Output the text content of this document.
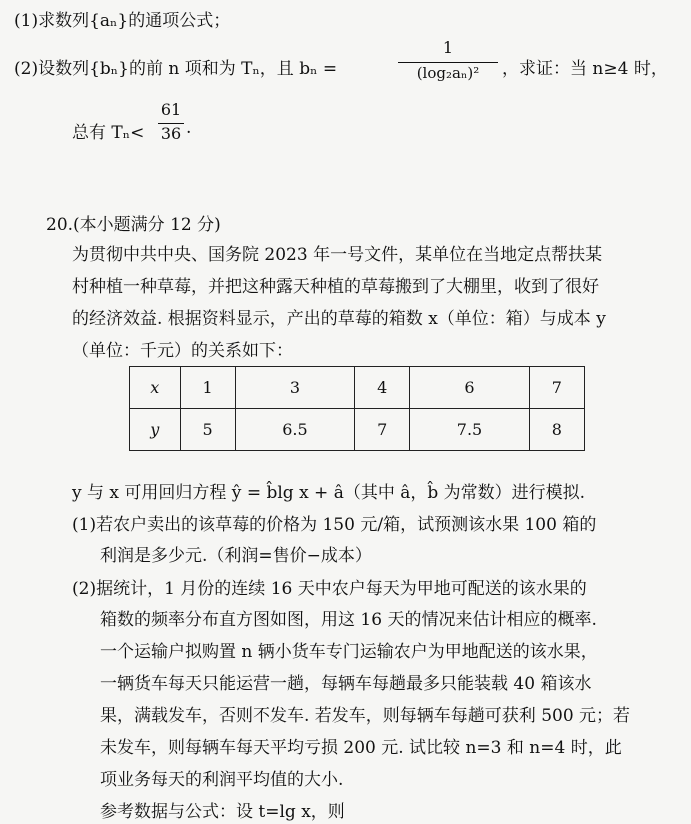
(1)求数列{aₙ}的通项公式；
(2)设数列{bₙ}的前 n 项和为 Tₙ，且 bₙ =
1
(log₂aₙ)²	，求证：当 n≥4 时，
总有 Tₙ<
61
36 .
20.(本小题满分 12 分)
为贯彻中共中央、国务院 2023 年一号文件，某单位在当地定点帮扶某
村种植一种草莓，并把这种露天种植的草莓搬到了大棚里，收到了很好
的经济效益. 根据资料显示，产出的草莓的箱数 x（单位：箱）与成本 y
（单位：千元）的关系如下：
x	1	3	4	6	7
y	5	6.5	7	7.5	8
y 与 x 可用回归方程 ŷ = b̂lg x + â（其中 â，b̂ 为常数）进行模拟.
(1)若农户卖出的该草莓的价格为 150 元/箱，试预测该水果 100 箱的
利润是多少元.（利润=售价−成本）
(2)据统计，1 月份的连续 16 天中农户每天为甲地可配送的该水果的
箱数的频率分布直方图如图，用这 16 天的情况来估计相应的概率.
一个运输户拟购置 n 辆小货车专门运输农户为甲地配送的该水果，
一辆货车每天只能运营一趟，每辆车每趟最多只能装载 40 箱该水
果，满载发车，否则不发车. 若发车，则每辆车每趟可获利 500 元；若
未发车，则每辆车每天平均亏损 200 元. 试比较 n=3 和 n=4 时，此
项业务每天的利润平均值的大小.
参考数据与公式：设 t=lg x，则
